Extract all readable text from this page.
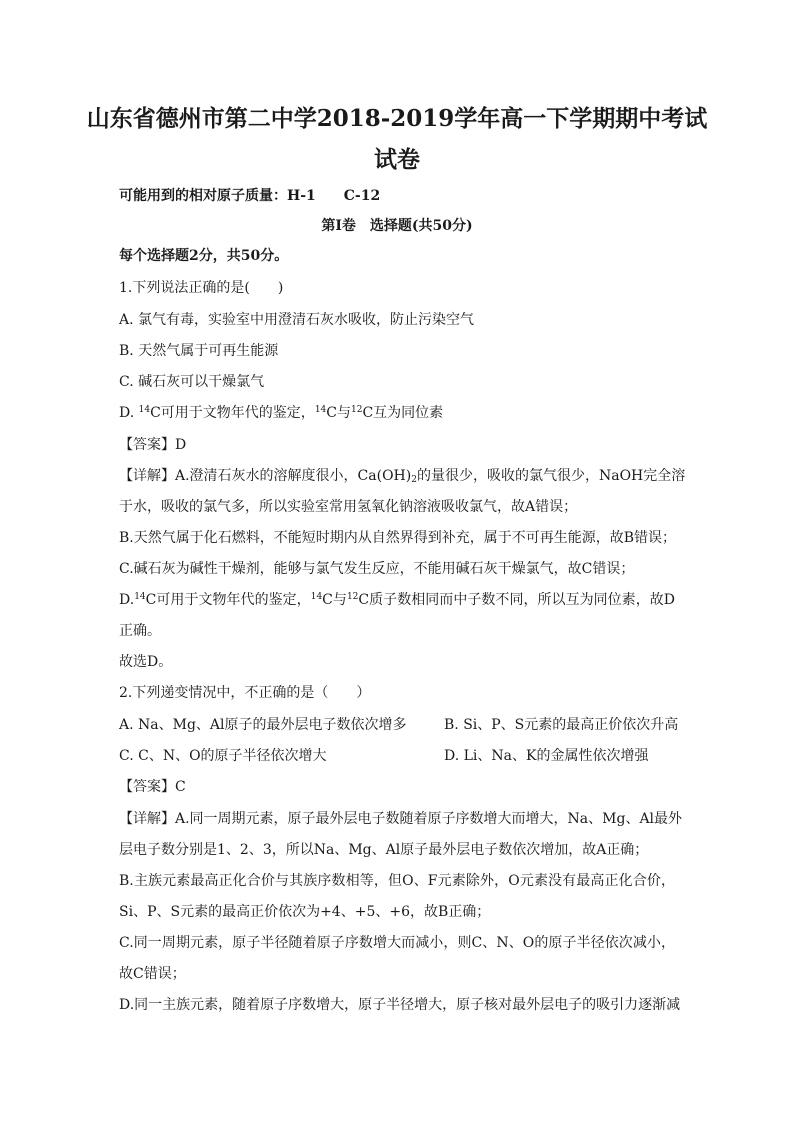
山东省德州市第二中学2018-2019学年高一下学期期中考试
试卷
可能用到的相对原子质量：H-1　　C-12
第Ⅰ卷　选择题(共50分)
每个选择题2分，共50分。
1.下列说法正确的是(　　)
A. 氯气有毒，实验室中用澄清石灰水吸收，防止污染空气
B. 天然气属于可再生能源
C. 碱石灰可以干燥氯气
D. $^{14}$C可用于文物年代的鉴定，$^{14}$C与$^{12}$C互为同位素
【答案】D
【详解】A.澄清石灰水的溶解度很小，$Ca(OH)_2$的量很少，吸收的氯气很少，NaOH完全溶
于水，吸收的氯气多，所以实验室常用氢氧化钠溶液吸收氯气，故A错误；
B.天然气属于化石燃料，不能短时期内从自然界得到补充，属于不可再生能源，故B错误；
C.碱石灰为碱性干燥剂，能够与氯气发生反应，不能用碱石灰干燥氯气，故C错误；
D.$^{14}$C可用于文物年代的鉴定，$^{14}$C与$^{12}$C质子数相同而中子数不同，所以互为同位素，故D
正确。
故选D。
2.下列递变情况中，不正确的是（　　）
A. Na、Mg、Al原子的最外层电子数依次增多	B. Si、P、S元素的最高正价依次升高
C. C、N、O的原子半径依次增大	D. Li、Na、K的金属性依次增强
【答案】C
【详解】A.同一周期元素，原子最外层电子数随着原子序数增大而增大，Na、Mg、Al最外
层电子数分别是1、2、3，所以Na、Mg、Al原子最外层电子数依次增加，故A正确；
B.主族元素最高正化合价与其族序数相等，但O、F元素除外，O元素没有最高正化合价，
Si、P、S元素的最高正价依次为+4、+5、+6，故B正确；
C.同一周期元素，原子半径随着原子序数增大而减小，则C、N、O的原子半径依次减小，
故C错误；
D.同一主族元素，随着原子序数增大，原子半径增大，原子核对最外层电子的吸引力逐渐减
